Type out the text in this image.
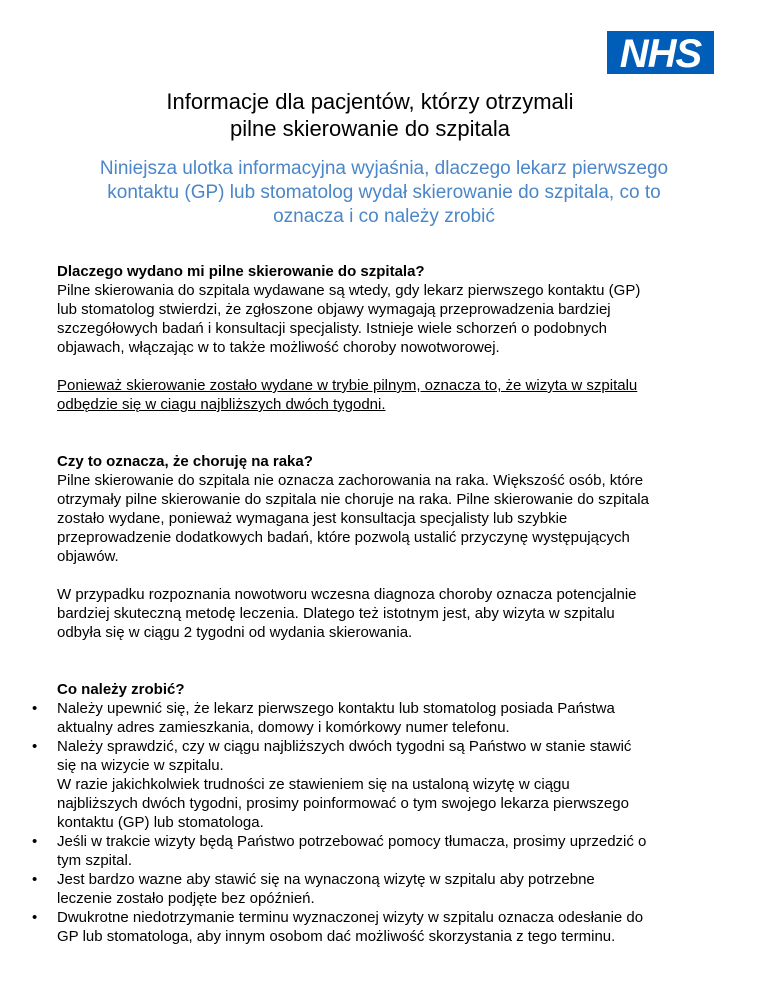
NHS
Informacje dla pacjentów, którzy otrzymali
pilne skierowanie do szpitala
Niniejsza ulotka informacyjna wyjaśnia, dlaczego lekarz pierwszego
kontaktu (GP) lub stomatolog wydał skierowanie do szpitala, co to
oznacza i co należy zrobić
Dlaczego wydano mi pilne skierowanie do szpitala?
Pilne skierowania do szpitala wydawane są wtedy, gdy lekarz pierwszego kontaktu (GP)
lub stomatolog stwierdzi, że zgłoszone objawy wymagają przeprowadzenia bardziej
szczegółowych badań i konsultacji specjalisty. Istnieje wiele schorzeń o podobnych
objawach, włączając w to także możliwość choroby nowotworowej.
Ponieważ skierowanie zostało wydane w trybie pilnym, oznacza to, że wizyta w szpitalu
odbędzie się w ciagu najbliższych dwóch tygodni.
Czy to oznacza, że choruję na raka?
Pilne skierowanie do szpitala nie oznacza zachorowania na raka. Większość osób, które
otrzymały pilne skierowanie do szpitala nie choruje na raka. Pilne skierowanie do szpitala
zostało wydane, ponieważ wymagana jest konsultacja specjalisty lub szybkie
przeprowadzenie dodatkowych badań, które pozwolą ustalić przyczynę występujących
objawów.
W przypadku rozpoznania nowotworu wczesna diagnoza choroby oznacza potencjalnie
bardziej skuteczną metodę leczenia. Dlatego też istotnym jest, aby wizyta w szpitalu
odbyła się w ciągu 2 tygodni od wydania skierowania.
Co należy zrobić?
• Należy upewnić się, że lekarz pierwszego kontaktu lub stomatolog posiada Państwa
aktualny adres zamieszkania, domowy i komórkowy numer telefonu.
• Należy sprawdzić, czy w ciągu najbliższych dwóch tygodni są Państwo w stanie stawić
się na wizycie w szpitalu.
W razie jakichkolwiek trudności ze stawieniem się na ustaloną wizytę w ciągu
najbliższych dwóch tygodni, prosimy poinformować o tym swojego lekarza pierwszego
kontaktu (GP) lub stomatologa.
• Jeśli w trakcie wizyty będą Państwo potrzebować pomocy tłumacza, prosimy uprzedzić o
tym szpital.
• Jest bardzo wazne aby stawić się na wynaczoną wizytę w szpitalu aby potrzebne
leczenie zostało podjęte bez opóźnień.
• Dwukrotne niedotrzymanie terminu wyznaczonej wizyty w szpitalu oznacza odesłanie do
GP lub stomatologa, aby innym osobom dać możliwość skorzystania z tego terminu.
